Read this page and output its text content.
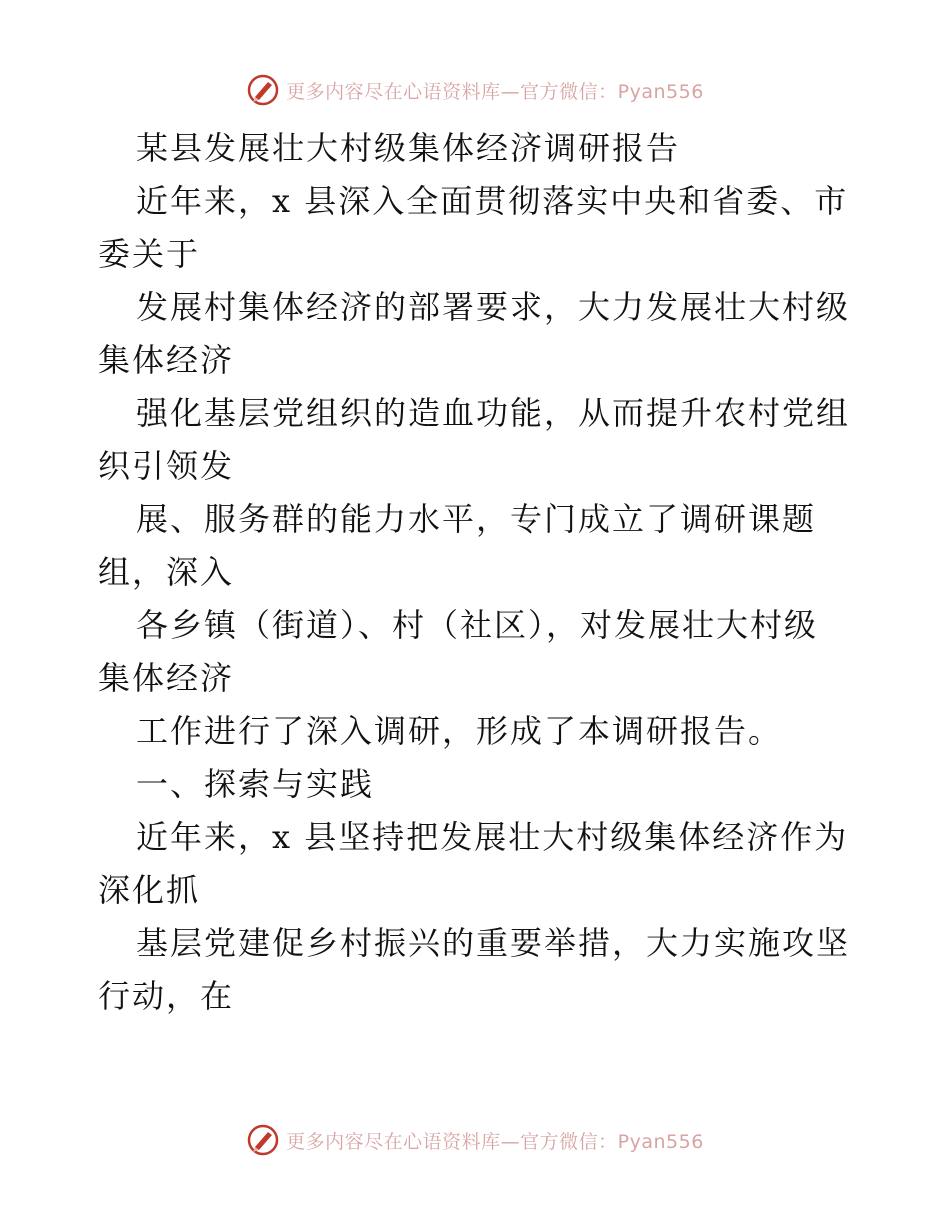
更多内容尽在心语资料库—官方微信：Pyan556
某县发展壮大村级集体经济调研报告
近年来，x 县深入全面贯彻落实中央和省委、市
委关于
发展村集体经济的部署要求，大力发展壮大村级
集体经济
强化基层党组织的造血功能，从而提升农村党组
织引领发
展、服务群的能力水平，专门成立了调研课题
组，深入
各乡镇（街道）、村（社区），对发展壮大村级
集体经济
工作进行了深入调研，形成了本调研报告。
一、探索与实践
近年来，x 县坚持把发展壮大村级集体经济作为
深化抓
基层党建促乡村振兴的重要举措，大力实施攻坚
行动，在
更多内容尽在心语资料库—官方微信：Pyan556
